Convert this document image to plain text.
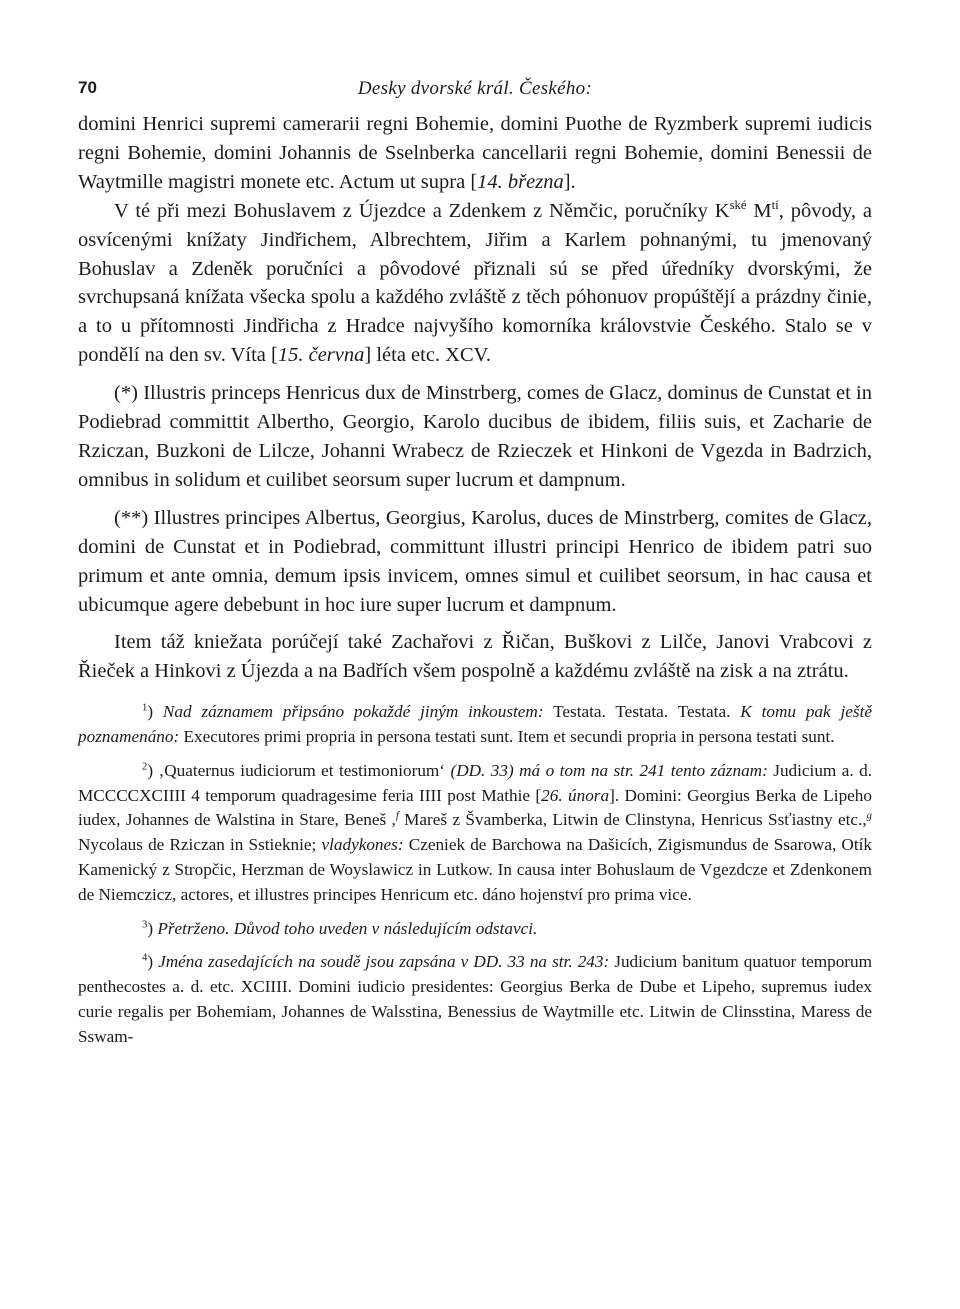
70	Desky dvorské král. Českého:

domini Henrici supremi camerarii regni Bohemie, domini Puothe de Ryzmberk supremi iudicis regni Bohemie, domini Johannis de Sselnberka cancellarii regni Bohemie, domini Benessii de Waytmille magistri monete etc. Actum ut supra [14. března].

V té při mezi Bohuslavem z Újezdce a Zdenkem z Němčic, poručníky $K^{ské}$ $M^{tí}$, pôvody, a osvícenými knížaty Jindřichem, Albrechtem, Jiřim a Karlem pohnanými, tu jmenovaný Bohuslav a Zdeněk poručníci a pôvodové přiznali sú se před úředníky dvorskými, že svrchupsaná knížata všecka spolu a každého zvláště z těch póhonuov propúštějí a prázdny činie, a to u přítomnosti Jindřicha z Hradce najvyšího komorníka královstvie Českého. Stalo se v pondělí na den sv. Víta [15. června] léta etc. XCV.

(*) Illustris princeps Henricus dux de Minstrberg, comes de Glacz, dominus de Cunstat et in Podiebrad committit Albertho, Georgio, Karolo ducibus de ibidem, filiis suis, et Zacharie de Rziczan, Buzkoni de Lilcze, Johanni Wrabecz de Rzieczek et Hinkoni de Vgezda in Badrzich, omnibus in solidum et cuilibet seorsum super lucrum et dampnum.

(**) Illustres principes Albertus, Georgius, Karolus, duces de Minstrberg, comites de Glacz, domini de Cunstat et in Podiebrad, committunt illustri principi Henrico de ibidem patri suo primum et ante omnia, demum ipsis invicem, omnes simul et cuilibet seorsum, in hac causa et ubicumque agere debebunt in hoc iure super lucrum et dampnum.

Item táž kniežata porúčejí také Zachařovi z Řičan, Buškovi z Lilče, Janovi Vrabcovi z Řieček a Hinkovi z Újezda a na Badřích všem pospolně a každému zvláště na zisk a na ztrátu.

$^1$) Nad záznamem připsáno pokaždé jiným inkoustem: Testata. Testata. Testata. K tomu pak ještě poznamenáno: Executores primi propria in persona testati sunt. Item et secundi propria in persona testati sunt.

$^2$) ‚Quaternus iudiciorum et testimoniorum‘ (DD. 33) má o tom na str. 241 tento záznam: Judicium a. d. MCCCCXCIIII 4 temporum quadragesime feria IIII post Mathie [26. února]. Domini: Georgius Berka de Lipeho iudex, Johannes de Walstina in Stare, Beneš ,$^f$ Mareš z Švamberka, Litwin de Clinstyna, Henricus Ssťiastny etc.,$^g$ Nycolaus de Rziczan in Sstieknie; vladykones: Czeniek de Barchowa na Dašicích, Zigismundus de Ssarowa, Otík Kamenický z Stropčic, Herzman de Woyslawicz in Lutkow. In causa inter Bohuslaum de Vgezdcze et Zdenkonem de Niemczicz, actores, et illustres principes Henricum etc. dáno hojenství pro prima vice.

$^3$) Přetrženo. Důvod toho uveden v následujícím odstavci.

$^4$) Jména zasedajících na soudě jsou zapsána v DD. 33 na str. 243: Judicium banitum quatuor temporum penthecostes a. d. etc. XCIIII. Domini iudicio presidentes: Georgius Berka de Dube et Lipeho, supremus iudex curie regalis per Bohemiam, Johannes de Walsstina, Benessius de Waytmille etc. Litwin de Clinsstina, Maress de Sswam-
